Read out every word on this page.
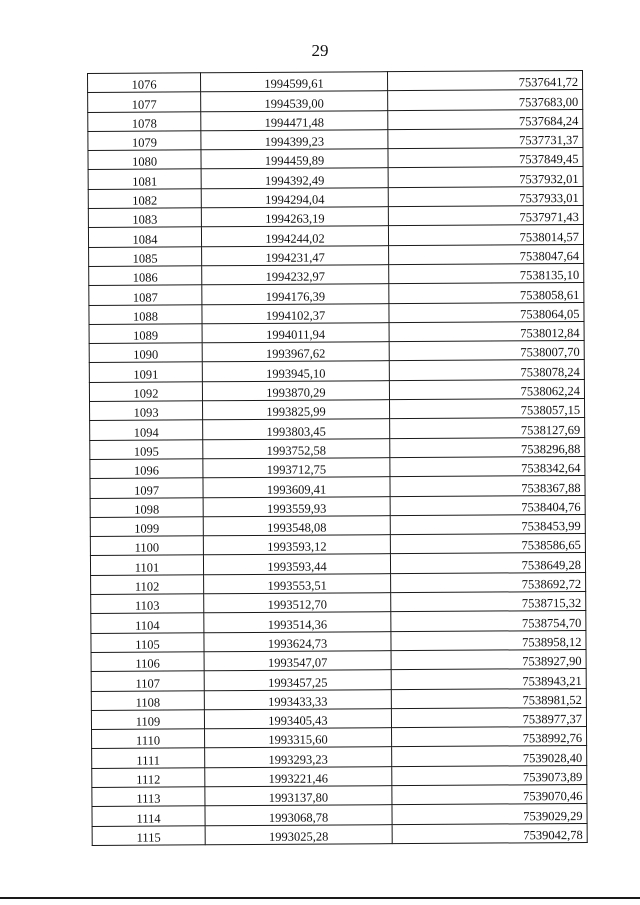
29
1076	1994599,61	7537641,72
1077	1994539,00	7537683,00
1078	1994471,48	7537684,24
1079	1994399,23	7537731,37
1080	1994459,89	7537849,45
1081	1994392,49	7537932,01
1082	1994294,04	7537933,01
1083	1994263,19	7537971,43
1084	1994244,02	7538014,57
1085	1994231,47	7538047,64
1086	1994232,97	7538135,10
1087	1994176,39	7538058,61
1088	1994102,37	7538064,05
1089	1994011,94	7538012,84
1090	1993967,62	7538007,70
1091	1993945,10	7538078,24
1092	1993870,29	7538062,24
1093	1993825,99	7538057,15
1094	1993803,45	7538127,69
1095	1993752,58	7538296,88
1096	1993712,75	7538342,64
1097	1993609,41	7538367,88
1098	1993559,93	7538404,76
1099	1993548,08	7538453,99
1100	1993593,12	7538586,65
1101	1993593,44	7538649,28
1102	1993553,51	7538692,72
1103	1993512,70	7538715,32
1104	1993514,36	7538754,70
1105	1993624,73	7538958,12
1106	1993547,07	7538927,90
1107	1993457,25	7538943,21
1108	1993433,33	7538981,52
1109	1993405,43	7538977,37
1110	1993315,60	7538992,76
1111	1993293,23	7539028,40
1112	1993221,46	7539073,89
1113	1993137,80	7539070,46
1114	1993068,78	7539029,29
1115	1993025,28	7539042,78
